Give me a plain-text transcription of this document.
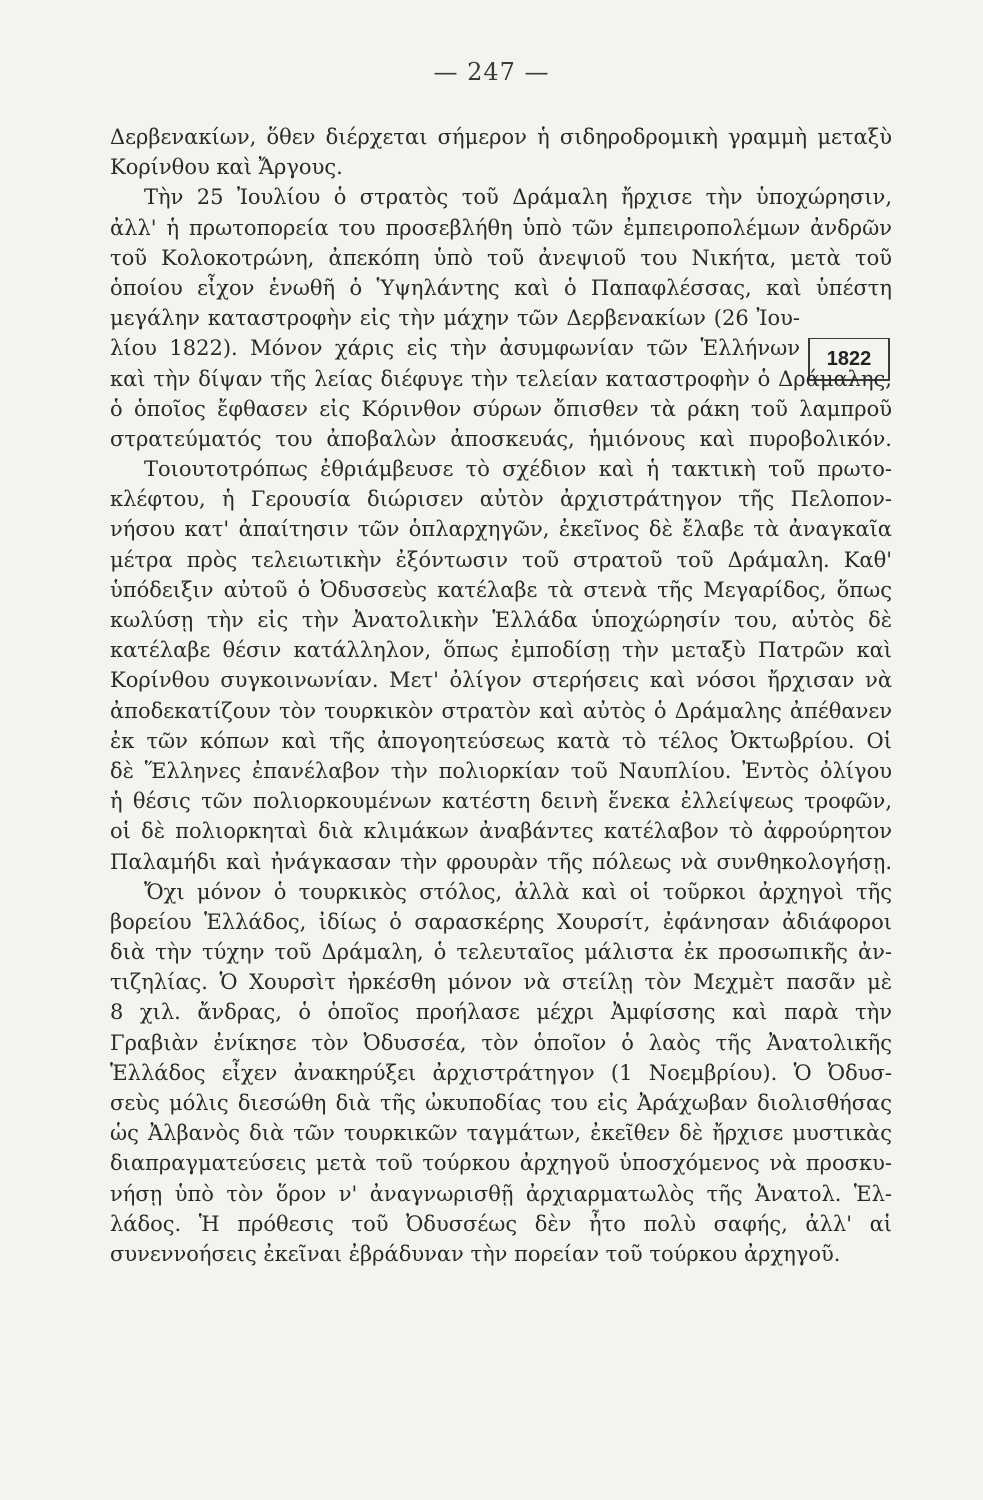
— 247 —
1822
Δερβενακίων, ὅθεν διέρχεται σήμερον ἡ σιδηροδρομικὴ γραμμὴ μεταξὺ
Κορίνθου καὶ Ἄργους.
Τὴν 25 Ἰουλίου ὁ στρατὸς τοῦ Δράμαλη ἤρχισε τὴν ὑποχώρησιν,
ἀλλ' ἡ πρωτοπορεία του προσεβλήθη ὑπὸ τῶν ἐμπειροπολέμων ἀνδρῶν
τοῦ Κολοκοτρώνη, ἀπεκόπη ὑπὸ τοῦ ἀνεψιοῦ του Νικήτα, μετὰ τοῦ
ὁποίου εἶχον ἑνωθῆ ὁ Ὑψηλάντης καὶ ὁ Παπαφλέσσας, καὶ ὑπέστη
μεγάλην καταστροφὴν εἰς τὴν μάχην τῶν Δερβενακίων (26 Ἰου-
λίου 1822). Μόνον χάρις εἰς τὴν ἀσυμφωνίαν τῶν Ἑλλήνων
καὶ τὴν δίψαν τῆς λείας διέφυγε τὴν τελείαν καταστροφὴν ὁ Δράμαλης,
ὁ ὁποῖος ἔφθασεν εἰς Κόρινθον σύρων ὄπισθεν τὰ ράκη τοῦ λαμπροῦ
στρατεύματός του ἀποβαλὼν ἀποσκευάς, ἡμιόνους καὶ πυροβολικόν.
Τοιουτοτρόπως ἐθριάμβευσε τὸ σχέδιον καὶ ἡ τακτικὴ τοῦ πρωτο-
κλέφτου, ἡ Γερουσία διώρισεν αὐτὸν ἀρχιστράτηγον τῆς Πελοπον-
νήσου κατ' ἀπαίτησιν τῶν ὁπλαρχηγῶν, ἐκεῖνος δὲ ἔλαβε τὰ ἀναγκαῖα
μέτρα πρὸς τελειωτικὴν ἐξόντωσιν τοῦ στρατοῦ τοῦ Δράμαλη. Καθ'
ὑπόδειξιν αὐτοῦ ὁ Ὀδυσσεὺς κατέλαβε τὰ στενὰ τῆς Μεγαρίδος, ὅπως
κωλύσῃ τὴν εἰς τὴν Ἀνατολικὴν Ἑλλάδα ὑποχώρησίν του, αὐτὸς δὲ
κατέλαβε θέσιν κατάλληλον, ὅπως ἐμποδίσῃ τὴν μεταξὺ Πατρῶν καὶ
Κορίνθου συγκοινωνίαν. Μετ' ὀλίγον στερήσεις καὶ νόσοι ἤρχισαν νὰ
ἀποδεκατίζουν τὸν τουρκικὸν στρατὸν καὶ αὐτὸς ὁ Δράμαλης ἀπέθανεν
ἐκ τῶν κόπων καὶ τῆς ἀπογοητεύσεως κατὰ τὸ τέλος Ὀκτωβρίου. Οἱ
δὲ Ἕλληνες ἐπανέλαβον τὴν πολιορκίαν τοῦ Ναυπλίου. Ἐντὸς ὀλίγου
ἡ θέσις τῶν πολιορκουμένων κατέστη δεινὴ ἕνεκα ἐλλείψεως τροφῶν,
οἱ δὲ πολιορκηταὶ διὰ κλιμάκων ἀναβάντες κατέλαβον τὸ ἀφρούρητον
Παλαμήδι καὶ ἠνάγκασαν τὴν φρουρὰν τῆς πόλεως νὰ συνθηκολογήσῃ.
Ὄχι μόνον ὁ τουρκικὸς στόλος, ἀλλὰ καὶ οἱ τοῦρκοι ἀρχηγοὶ τῆς
βορείου Ἑλλάδος, ἰδίως ὁ σαρασκέρης Χουρσίτ, ἐφάνησαν ἀδιάφοροι
διὰ τὴν τύχην τοῦ Δράμαλη, ὁ τελευταῖος μάλιστα ἐκ προσωπικῆς ἀν-
τιζηλίας. Ὁ Χουρσὶτ ἠρκέσθη μόνον νὰ στείλῃ τὸν Μεχμὲτ πασᾶν μὲ
8 χιλ. ἄνδρας, ὁ ὁποῖος προήλασε μέχρι Ἀμφίσσης καὶ παρὰ τὴν
Γραβιὰν ἐνίκησε τὸν Ὀδυσσέα, τὸν ὁποῖον ὁ λαὸς τῆς Ἀνατολικῆς
Ἑλλάδος εἶχεν ἀνακηρύξει ἀρχιστράτηγον (1 Νοεμβρίου). Ὁ Ὀδυσ-
σεὺς μόλις διεσώθη διὰ τῆς ὠκυποδίας του εἰς Ἀράχωβαν διολισθήσας
ὡς Ἀλβανὸς διὰ τῶν τουρκικῶν ταγμάτων, ἐκεῖθεν δὲ ἤρχισε μυστικὰς
διαπραγματεύσεις μετὰ τοῦ τούρκου ἀρχηγοῦ ὑποσχόμενος νὰ προσκυ-
νήσῃ ὑπὸ τὸν ὅρον ν' ἀναγνωρισθῇ ἀρχιαρματωλὸς τῆς Ἀνατολ. Ἑλ-
λάδος. Ἡ πρόθεσις τοῦ Ὀδυσσέως δὲν ἦτο πολὺ σαφής, ἀλλ' αἱ
συνεννοήσεις ἐκεῖναι ἐβράδυναν τὴν πορείαν τοῦ τούρκου ἀρχηγοῦ.
